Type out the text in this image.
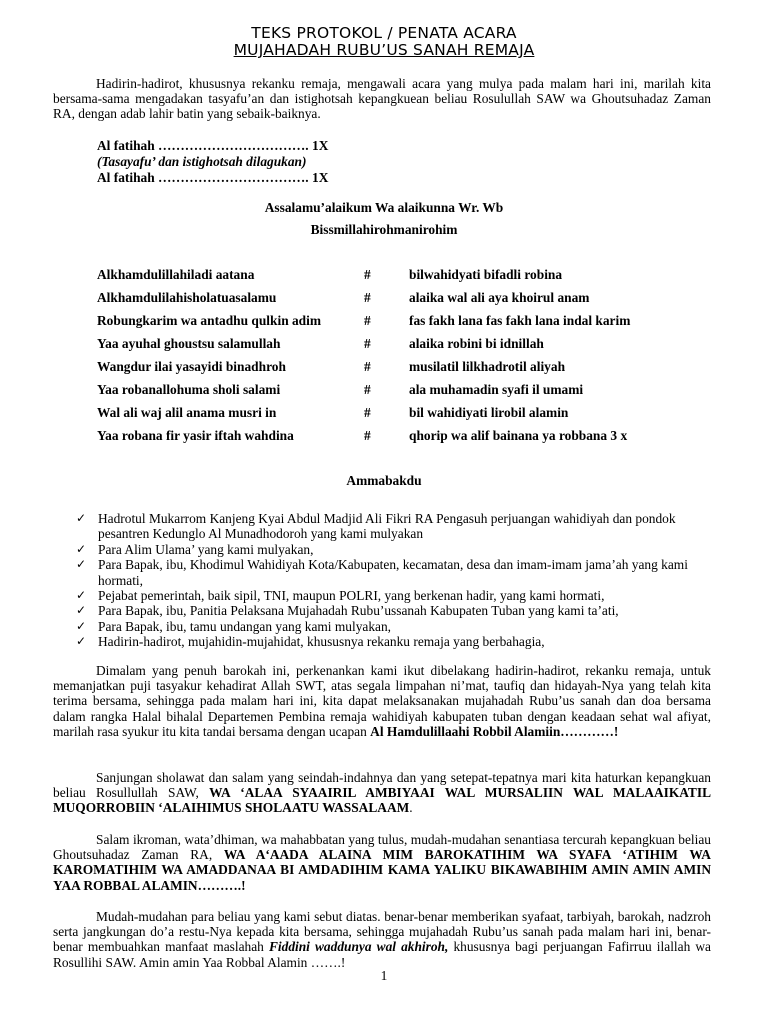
TEKS PROTOKOL / PENATA ACARA
MUJAHADAH RUBU’US SANAH REMAJA

Hadirin-hadirot, khususnya rekanku remaja, mengawali acara yang mulya pada malam hari ini, marilah kita bersama-sama mengadakan tasyafu’an dan istighotsah kepangkuean beliau Rosulullah SAW wa Ghoutsuhadaz Zaman RA, dengan adab lahir batin yang sebaik-baiknya.

Al fatihah ……………………………. 1X
(Tasayafu’ dan istighotsah dilagukan)
Al fatihah ……………………………. 1X
Assalamu’alaikum Wa alaikunna Wr. Wb
Bissmillahirohmanirohim
Alkhamdulillahiladi aatana	#	bilwahidyati bifadli robina
Alkhamdulilahisholatuasalamu	#	alaika wal ali aya khoirul anam
Robungkarim wa antadhu qulkin adim	#	fas fakh lana fas fakh lana indal karim
Yaa ayuhal ghoustsu salamullah	#	alaika robini bi idnillah
Wangdur ilai yasayidi binadhroh	#	musilatil lilkhadrotil aliyah
Yaa robanallohuma sholi salami	#	ala muhamadin syafi il umami
Wal ali waj alil anama musri in	#	bil wahidiyati lirobil alamin
Yaa robana fir yasir iftah wahdina	#	qhorip wa alif bainana ya robbana 3 x
Ammabakdu
✓ Hadrotul Mukarrom Kanjeng Kyai Abdul Madjid Ali Fikri RA Pengasuh perjuangan wahidiyah dan pondok pesantren Kedunglo Al Munadhodoroh yang kami mulyakan
✓ Para Alim Ulama’ yang kami mulyakan,
✓ Para Bapak, ibu, Khodimul Wahidiyah Kota/Kabupaten, kecamatan, desa dan imam-imam jama’ah yang kami hormati,
✓ Pejabat pemerintah, baik sipil, TNI, maupun POLRI, yang berkenan hadir, yang kami hormati,
✓ Para Bapak, ibu, Panitia Pelaksana Mujahadah Rubu’ussanah Kabupaten Tuban yang kami ta’ati,
✓ Para Bapak, ibu, tamu undangan yang kami mulyakan,
✓ Hadirin-hadirot, mujahidin-mujahidat, khususnya rekanku remaja yang berbahagia,

Dimalam yang penuh barokah ini, perkenankan kami ikut dibelakang hadirin-hadirot, rekanku remaja, untuk memanjatkan puji tasyakur kehadirat Allah SWT, atas segala limpahan ni’mat, taufiq dan hidayah-Nya yang telah kita terima bersama, sehingga pada malam hari ini, kita dapat melaksanakan mujahadah Rubu’us sanah dan doa bersama dalam rangka Halal bihalal Departemen Pembina remaja wahidiyah kabupaten tuban dengan keadaan sehat wal afiyat, marilah rasa syukur itu kita tandai bersama dengan ucapan Al Hamdulillaahi Robbil Alamiin…………!

Sanjungan sholawat dan salam yang seindah-indahnya dan yang setepat-tepatnya mari kita haturkan kepangkuan beliau Rosullullah SAW, WA ‘ALAA SYAAIRIL AMBIYAAI WAL MURSALIIN WAL MALAAIKATIL MUQORROBIIN ‘ALAIHIMUS SHOLAATU WASSALAAM.

Salam ikroman, wata’dhiman, wa mahabbatan yang tulus, mudah-mudahan senantiasa tercurah kepangkuan beliau Ghoutsuhadaz Zaman RA, WA A‘AADA ALAINA MIM BAROKATIHIM WA SYAFA ‘ATIHIM WA KAROMATIHIM WA AMADDANAA BI AMDADIHIM KAMA YALIKU BIKAWABIHIM AMIN AMIN AMIN YAA ROBBAL ALAMIN……….!

Mudah-mudahan para beliau yang kami sebut diatas. benar-benar memberikan syafaat, tarbiyah, barokah, nadzroh serta jangkungan do’a restu-Nya kepada kita bersama, sehingga mujahadah Rubu’us sanah pada malam hari ini, benar-benar membuahkan manfaat maslahah Fiddini waddunya wal akhiroh, khususnya bagi perjuangan Fafirruu ilallah wa Rosullihi SAW. Amin amin Yaa Robbal Alamin …….!

1
